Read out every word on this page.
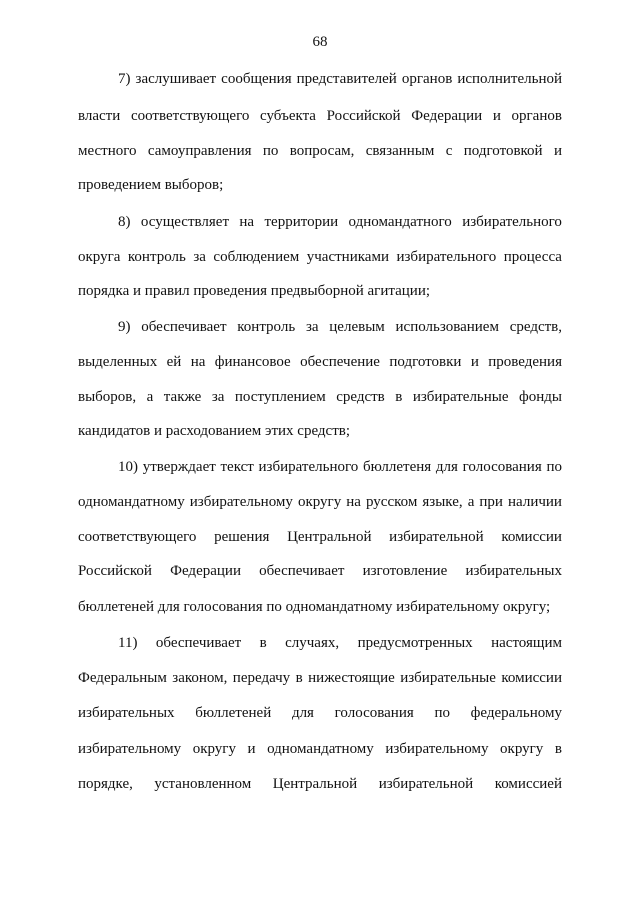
68
7) заслушивает сообщения представителей органов исполнительной
власти соответствующего субъекта Российской Федерации и органов
местного самоуправления по вопросам, связанным с подготовкой и
проведением выборов;
8) осуществляет на территории одномандатного избирательного
округа контроль за соблюдением участниками избирательного процесса
порядка и правил проведения предвыборной агитации;
9) обеспечивает контроль за целевым использованием средств,
выделенных ей на финансовое обеспечение подготовки и проведения
выборов, а также за поступлением средств в избирательные фонды
кандидатов и расходованием этих средств;
10) утверждает текст избирательного бюллетеня для голосования по
одномандатному избирательному округу на русском языке, а при наличии
соответствующего решения Центральной избирательной комиссии
Российской Федерации обеспечивает изготовление избирательных
бюллетеней для голосования по одномандатному избирательному округу;
11) обеспечивает в случаях, предусмотренных настоящим
Федеральным законом, передачу в нижестоящие избирательные комиссии
избирательных бюллетеней для голосования по федеральному
избирательному округу и одномандатному избирательному округу в
порядке, установленном Центральной избирательной комиссией
